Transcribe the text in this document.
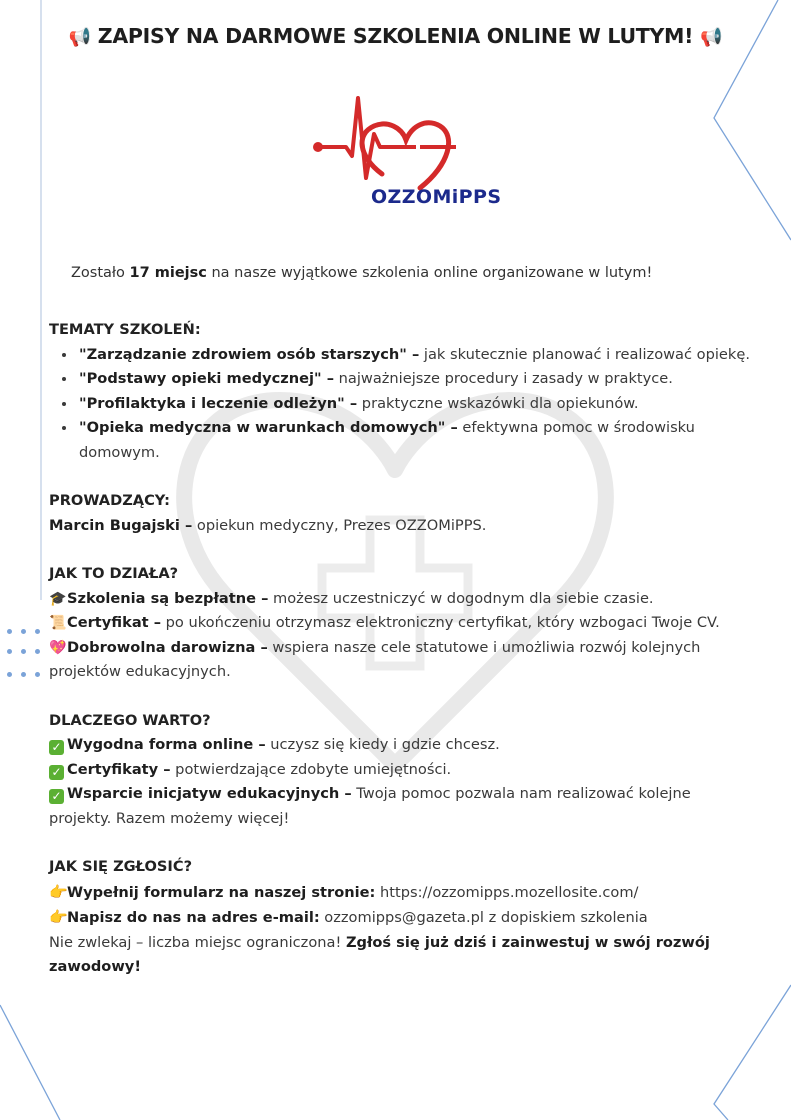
📢 ZAPISY NA DARMOWE SZKOLENIA ONLINE W LUTYM! 📢
OZZOMiPPS
Zostało 17 miejsc na nasze wyjątkowe szkolenia online organizowane w lutym!
TEMATY SZKOLEŃ:
• "Zarządzanie zdrowiem osób starszych" – jak skutecznie planować i realizować opiekę.
• "Podstawy opieki medycznej" – najważniejsze procedury i zasady w praktyce.
• "Profilaktyka i leczenie odleżyn" – praktyczne wskazówki dla opiekunów.
• "Opieka medyczna w warunkach domowych" – efektywna pomoc w środowisku domowym.
PROWADZĄCY:
Marcin Bugajski – opiekun medyczny, Prezes OZZOMiPPS.
JAK TO DZIAŁA?
🎓Szkolenia są bezpłatne – możesz uczestniczyć w dogodnym dla siebie czasie.
📜Certyfikat – po ukończeniu otrzymasz elektroniczny certyfikat, który wzbogaci Twoje CV.
💖Dobrowolna darowizna – wspiera nasze cele statutowe i umożliwia rozwój kolejnych projektów edukacyjnych.
DLACZEGO WARTO?
✓ Wygodna forma online – uczysz się kiedy i gdzie chcesz.
✓ Certyfikaty – potwierdzające zdobyte umiejętności.
✓ Wsparcie inicjatyw edukacyjnych – Twoja pomoc pozwala nam realizować kolejne projekty. Razem możemy więcej!
JAK SIĘ ZGŁOSIĆ?
👉Wypełnij formularz na naszej stronie: https://ozzomipps.mozellosite.com/
👉Napisz do nas na adres e-mail: ozzomipps@gazeta.pl z dopiskiem szkolenia
Nie zwlekaj – liczba miejsc ograniczona! Zgłoś się już dziś i zainwestuj w swój rozwój zawodowy!
